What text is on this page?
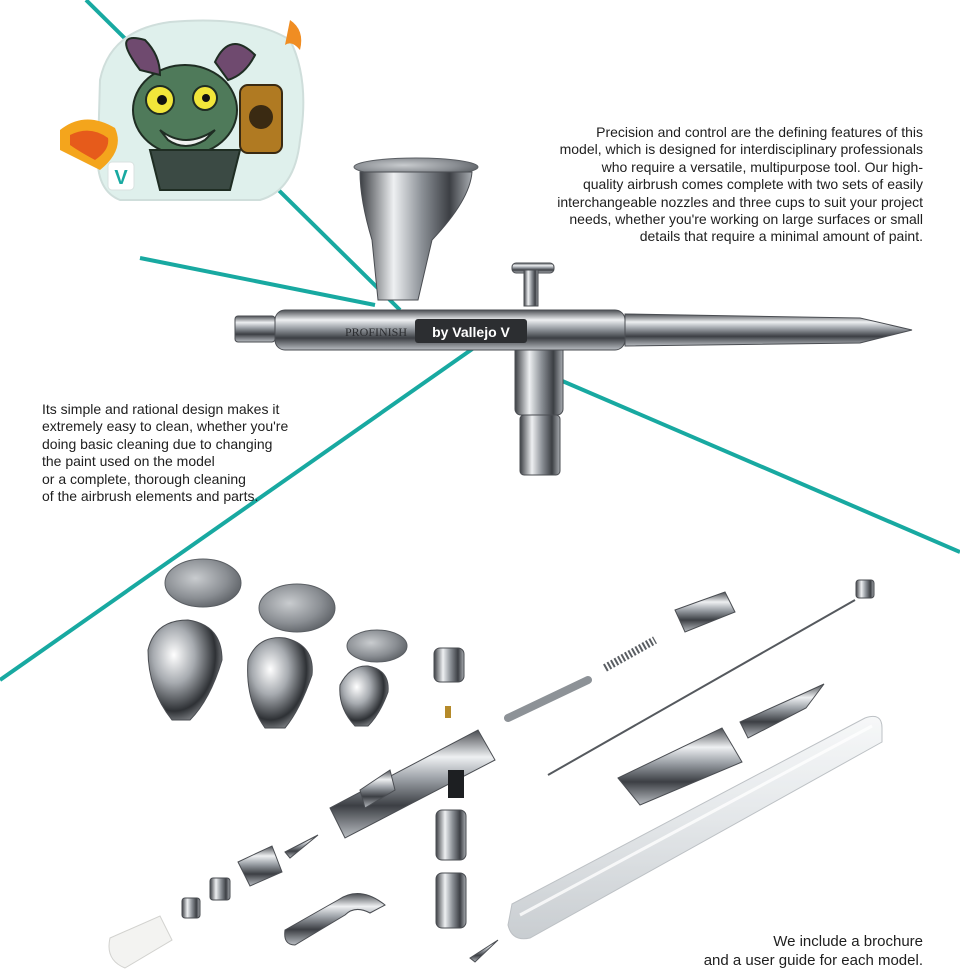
V
by Vallejo V
PROFINISH
Precision and control are the defining features of this
model, which is designed for interdisciplinary professionals
who require a versatile, multipurpose tool. Our high-
quality airbrush comes complete with two sets of easily
interchangeable nozzles and three cups to suit your project
needs, whether you're working on large surfaces or small
details that require a minimal amount of paint.
Its simple and rational design makes it
extremely easy to clean, whether you're
doing basic cleaning due to changing
the paint used on the model
or a complete, thorough cleaning
of the airbrush elements and parts.
We include a brochure
and a user guide for each model.
